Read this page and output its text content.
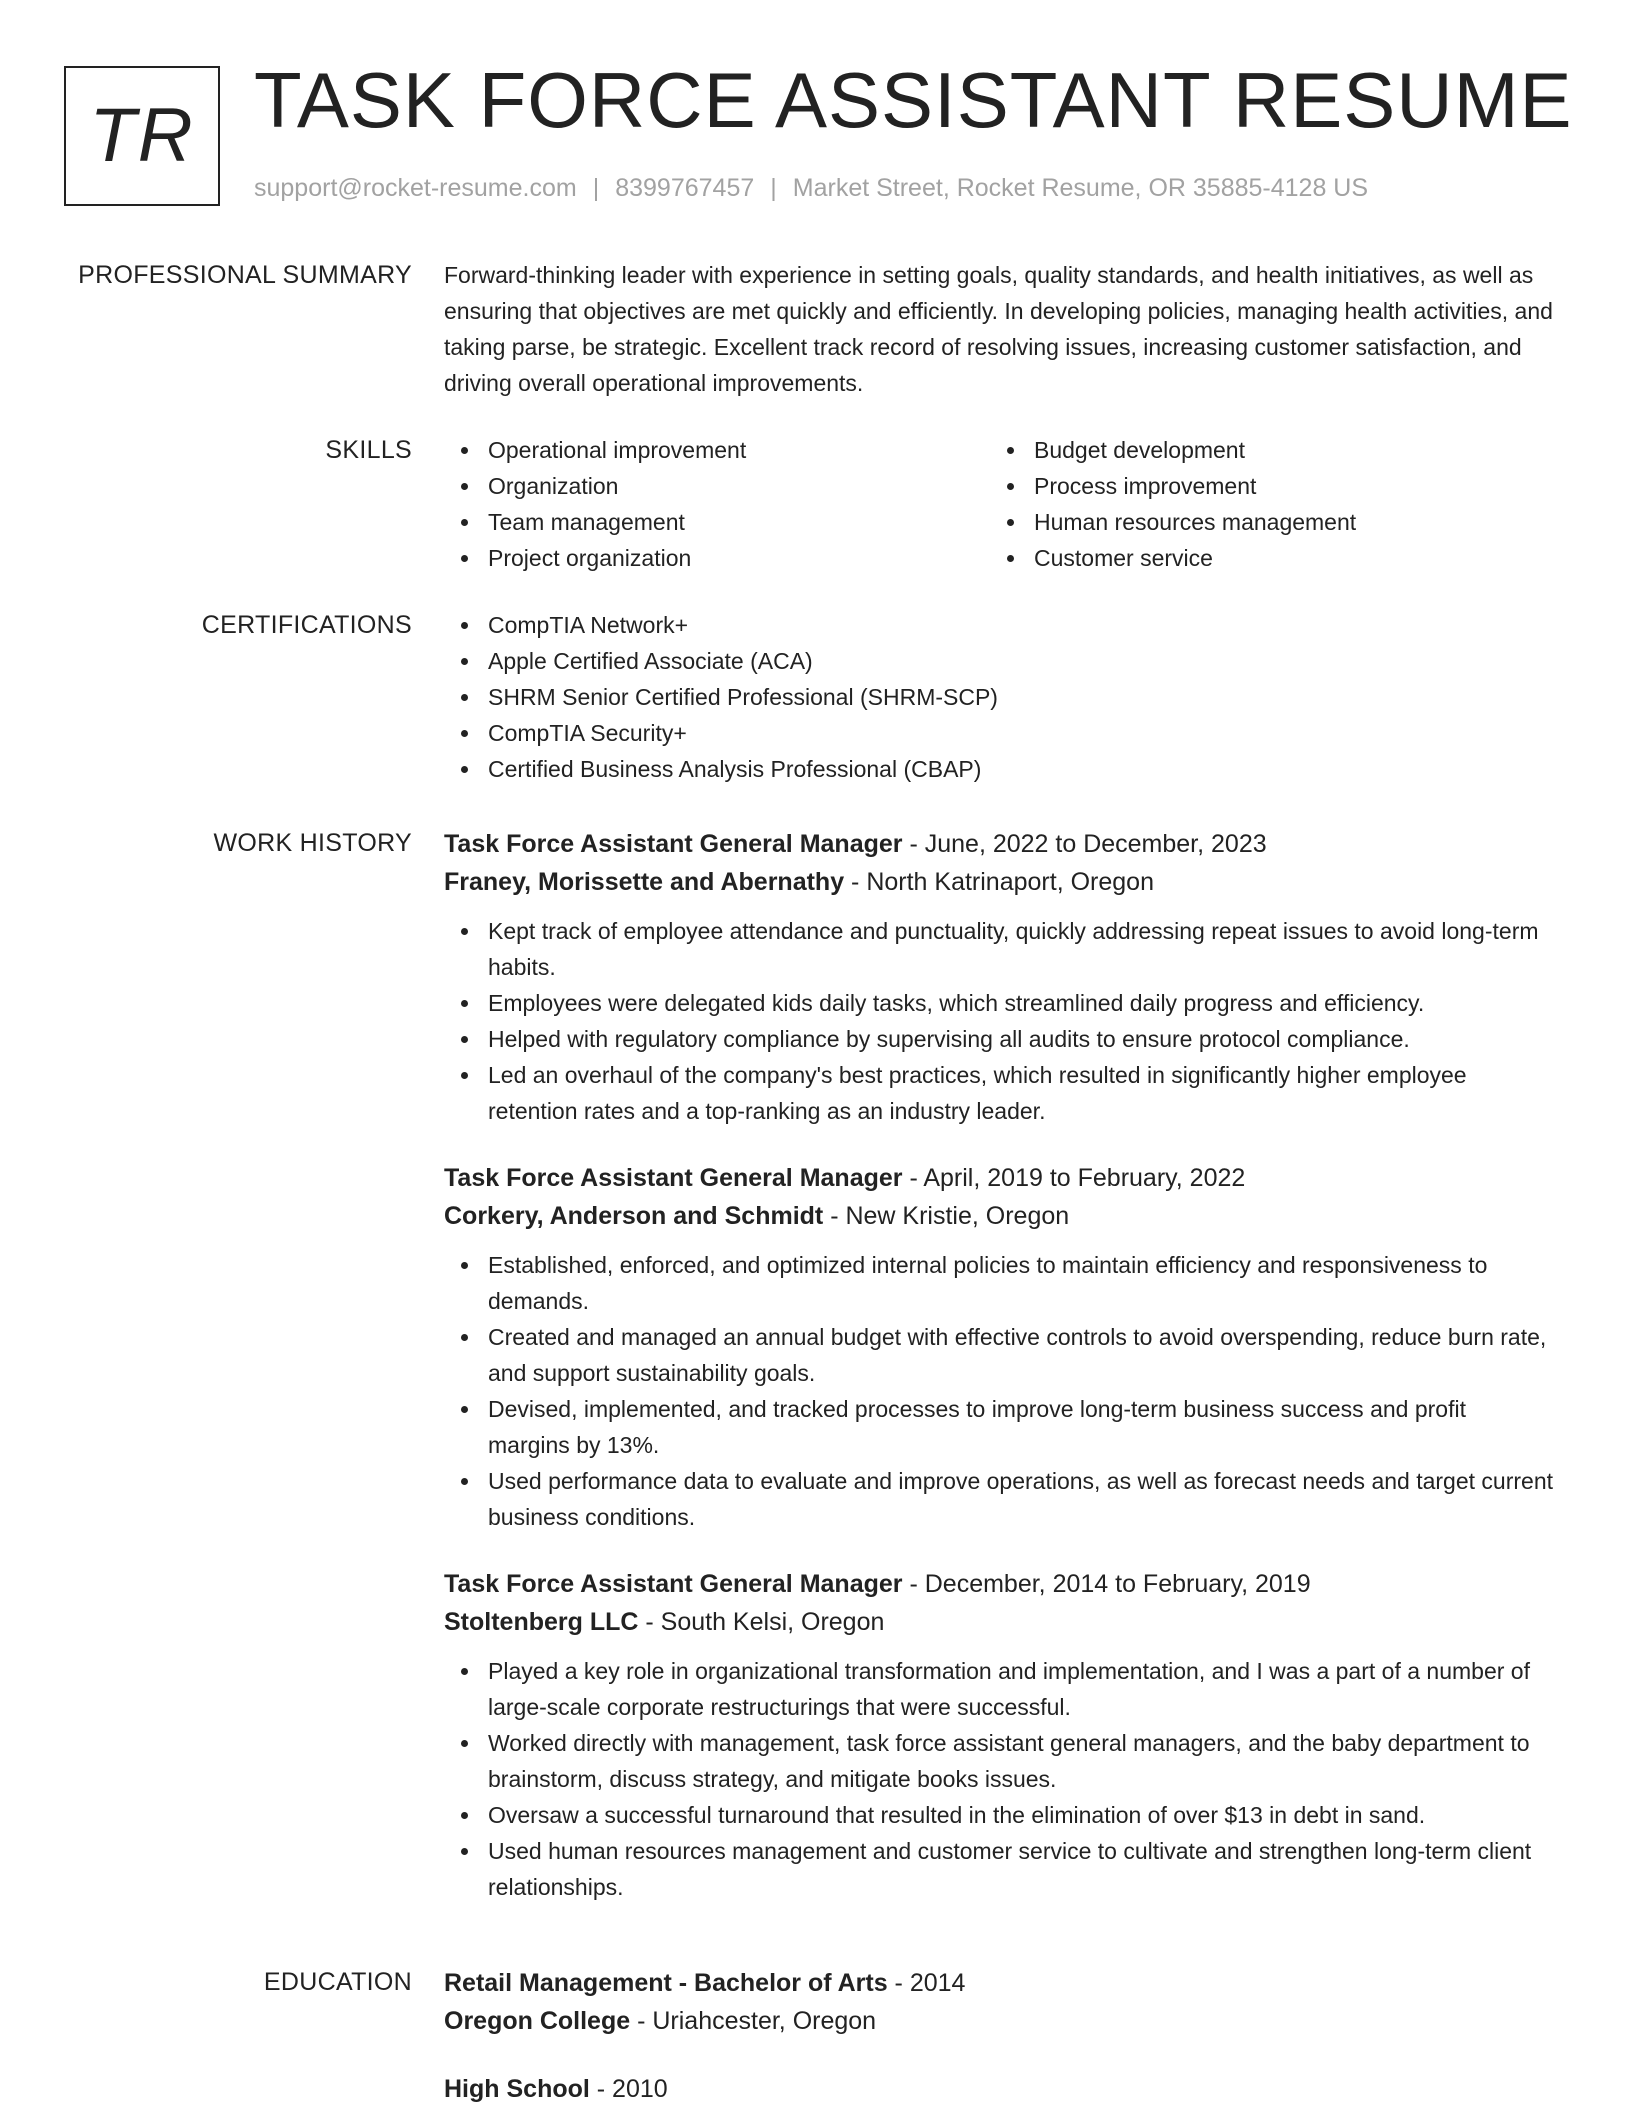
TR TASK FORCE ASSISTANT RESUME
support@rocket-resume.com | 8399767457 | Market Street, Rocket Resume, OR 35885-4128 US
PROFESSIONAL SUMMARY Forward-thinking leader with experience in setting goals, quality standards, and health initiatives, as well as ensuring that objectives are met quickly and efficiently. In developing policies, managing health activities, and taking parse, be strategic. Excellent track record of resolving issues, increasing customer satisfaction, and driving overall operational improvements.

SKILLS	Operational improvement
Organization
Team management
Project organization
Budget development
Process improvement
Human resources management
Customer service
CERTIFICATIONS	CompTIA Network+
Apple Certified Associate (ACA)
SHRM Senior Certified Professional (SHRM-SCP)
CompTIA Security+
Certified Business Analysis Professional (CBAP)
WORK HISTORY Task Force Assistant General Manager - June, 2022 to December, 2023
Franey, Morissette and Abernathy - North Katrinaport, Oregon
Kept track of employee attendance and punctuality, quickly addressing repeat issues to avoid long-term habits.
Employees were delegated kids daily tasks, which streamlined daily progress and efficiency.
Helped with regulatory compliance by supervising all audits to ensure protocol compliance.
Led an overhaul of the company's best practices, which resulted in significantly higher employee retention rates and a top-ranking as an industry leader.
Task Force Assistant General Manager - April, 2019 to February, 2022
Corkery, Anderson and Schmidt - New Kristie, Oregon
Established, enforced, and optimized internal policies to maintain efficiency and responsiveness to demands.
Created and managed an annual budget with effective controls to avoid overspending, reduce burn rate, and support sustainability goals.
Devised, implemented, and tracked processes to improve long-term business success and profit margins by 13%.
Used performance data to evaluate and improve operations, as well as forecast needs and target current business conditions.
Task Force Assistant General Manager - December, 2014 to February, 2019
Stoltenberg LLC - South Kelsi, Oregon
Played a key role in organizational transformation and implementation, and I was a part of a number of large-scale corporate restructurings that were successful.
Worked directly with management, task force assistant general managers, and the baby department to brainstorm, discuss strategy, and mitigate books issues.
Oversaw a successful turnaround that resulted in the elimination of over $13 in debt in sand.
Used human resources management and customer service to cultivate and strengthen long-term client relationships.
EDUCATION Retail Management - Bachelor of Arts - 2014
Oregon College - Uriahcester, Oregon
High School - 2010
